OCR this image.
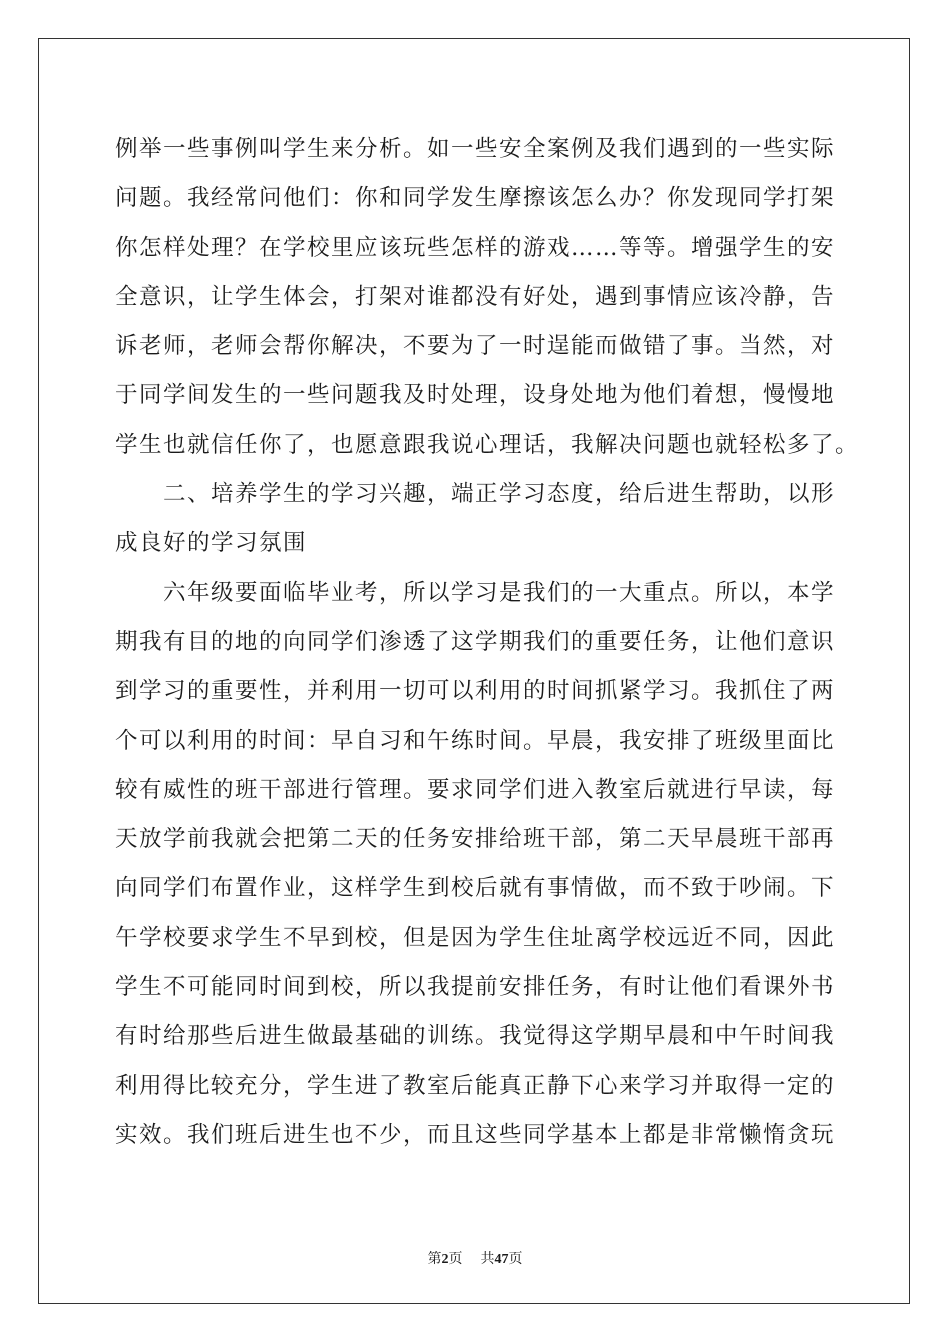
例举一些事例叫学生来分析。如一些安全案例及我们遇到的一些实际
问题。我经常问他们：你和同学发生摩擦该怎么办？你发现同学打架
你怎样处理？在学校里应该玩些怎样的游戏……等等。增强学生的安
全意识，让学生体会，打架对谁都没有好处，遇到事情应该冷静，告
诉老师，老师会帮你解决，不要为了一时逞能而做错了事。当然，对
于同学间发生的一些问题我及时处理，设身处地为他们着想，慢慢地
学生也就信任你了，也愿意跟我说心理话，我解决问题也就轻松多了。
二、培养学生的学习兴趣，端正学习态度，给后进生帮助，以形
成良好的学习氛围
六年级要面临毕业考，所以学习是我们的一大重点。所以，本学
期我有目的地的向同学们渗透了这学期我们的重要任务，让他们意识
到学习的重要性，并利用一切可以利用的时间抓紧学习。我抓住了两
个可以利用的时间：早自习和午练时间。早晨，我安排了班级里面比
较有威性的班干部进行管理。要求同学们进入教室后就进行早读，每
天放学前我就会把第二天的任务安排给班干部，第二天早晨班干部再
向同学们布置作业，这样学生到校后就有事情做，而不致于吵闹。下
午学校要求学生不早到校，但是因为学生住址离学校远近不同，因此
学生不可能同时间到校，所以我提前安排任务，有时让他们看课外书
有时给那些后进生做最基础的训练。我觉得这学期早晨和中午时间我
利用得比较充分，学生进了教室后能真正静下心来学习并取得一定的
实效。我们班后进生也不少，而且这些同学基本上都是非常懒惰贪玩
第2页 共47页
